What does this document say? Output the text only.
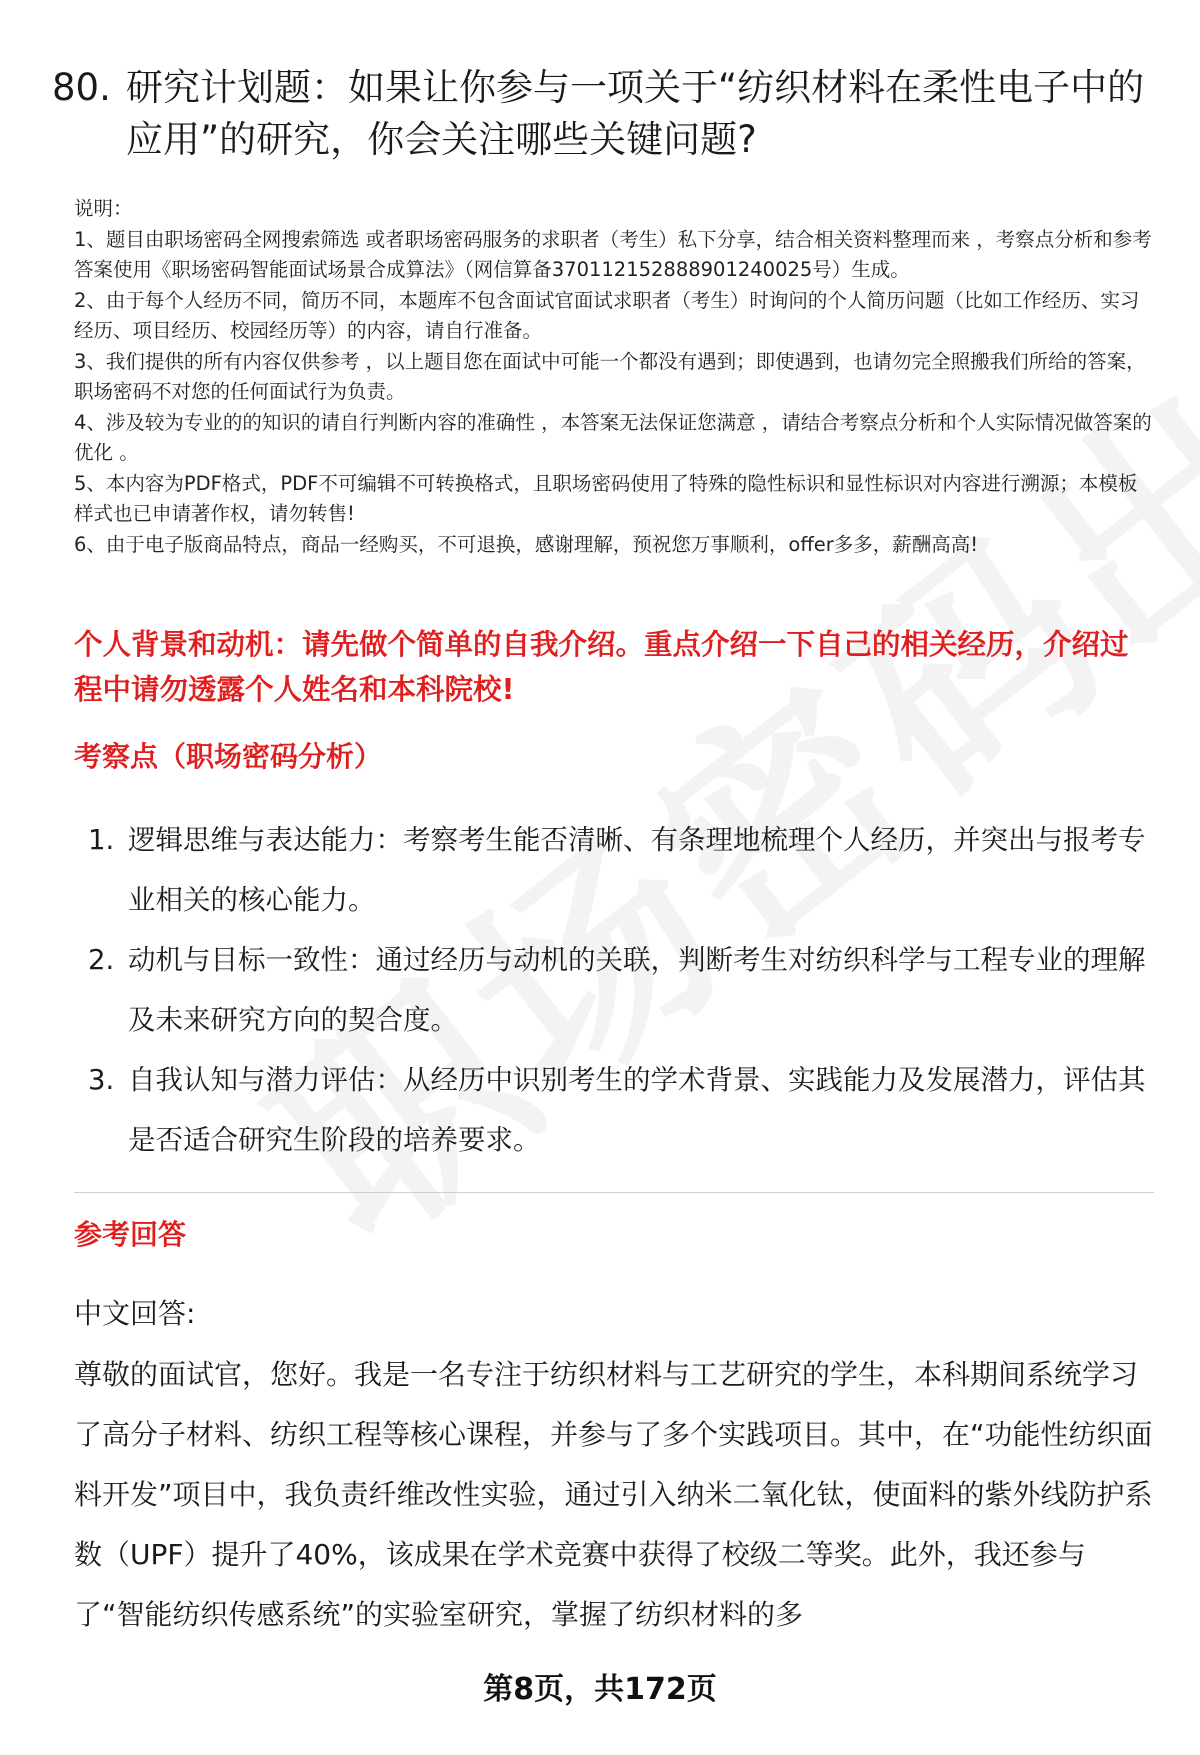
80. 研究计划题：如果让你参与一项关于“纺织材料在柔性电子中的应用”的研究，你会关注哪些关键问题?
说明：
1、题目由职场密码全网搜索筛选 或者职场密码服务的求职者（考生）私下分享，结合相关资料整理而来 ，考察点分析和参考答案使用《职场密码智能面试场景合成算法》（网信算备370112152888901240025号）生成。
2、由于每个人经历不同，简历不同，本题库不包含面试官面试求职者（考生）时询问的个人简历问题（比如工作经历、实习经历、项目经历、校园经历等）的内容，请自行准备。
3、我们提供的所有内容仅供参考 ，以上题目您在面试中可能一个都没有遇到；即使遇到，也请勿完全照搬我们所给的答案，职场密码不对您的任何面试行为负责。
4、涉及较为专业的的知识的请自行判断内容的准确性 ，本答案无法保证您满意 ，请结合考察点分析和个人实际情况做答案的优化 。
5、本内容为PDF格式，PDF不可编辑不可转换格式，且职场密码使用了特殊的隐性标识和显性标识对内容进行溯源；本模板样式也已申请著作权，请勿转售!
6、由于电子版商品特点，商品一经购买，不可退换，感谢理解，预祝您万事顺利，offer多多，薪酬高高!
个人背景和动机：请先做个简单的自我介绍。重点介绍一下自己的相关经历，介绍过程中请勿透露个人姓名和本科院校!
考察点（职场密码分析）
1. 逻辑思维与表达能力：考察考生能否清晰、有条理地梳理个人经历，并突出与报考专业相关的核心能力。
2. 动机与目标一致性：通过经历与动机的关联，判断考生对纺织科学与工程专业的理解及未来研究方向的契合度。
3. 自我认知与潜力评估：从经历中识别考生的学术背景、实践能力及发展潜力，评估其是否适合研究生阶段的培养要求。
参考回答
中文回答:

尊敬的面试官，您好。我是一名专注于纺织材料与工艺研究的学生，本科期间系统学习了高分子材料、纺织工程等核心课程，并参与了多个实践项目。其中，在“功能性纺织面料开发”项目中，我负责纤维改性实验，通过引入纳米二氧化钛，使面料的紫外线防护系数（UPF）提升了40%，该成果在学术竞赛中获得了校级二等奖。此外，我还参与了“智能纺织传感系统”的实验室研究，掌握了纺织材料的多

第8页，共172页
